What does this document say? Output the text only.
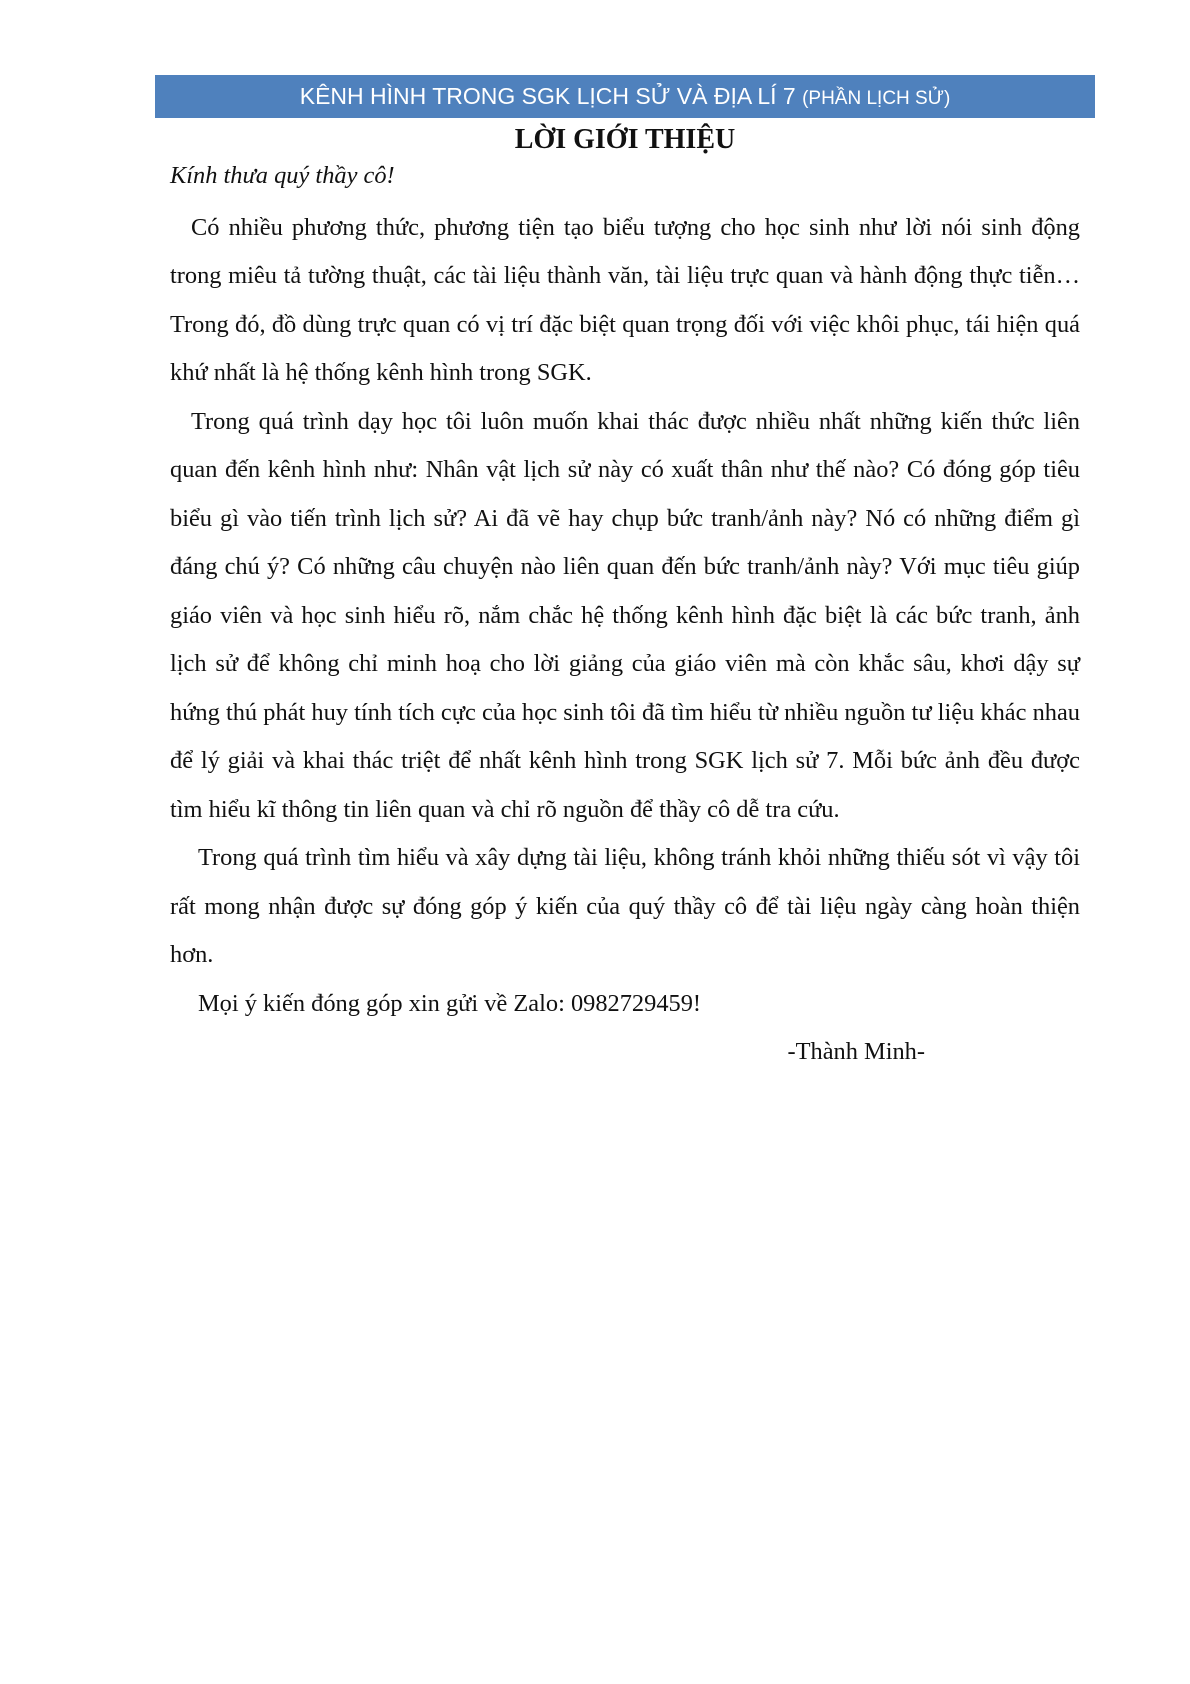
KÊNH HÌNH TRONG SGK LỊCH SỬ VÀ ĐỊA LÍ 7 (PHẦN LỊCH SỬ)
LỜI GIỚI THIỆU

Kính thưa quý thầy cô!

Có nhiều phương thức, phương tiện tạo biểu tượng cho học sinh như lời nói sinh động trong miêu tả tường thuật, các tài liệu thành văn, tài liệu trực quan và hành động thực tiễn…Trong đó, đồ dùng trực quan có vị trí đặc biệt quan trọng đối với việc khôi phục, tái hiện quá khứ nhất là hệ thống kênh hình trong SGK.

Trong quá trình dạy học tôi luôn muốn khai thác được nhiều nhất những kiến thức liên quan đến kênh hình như: Nhân vật lịch sử này có xuất thân như thế nào? Có đóng góp tiêu biểu gì vào tiến trình lịch sử? Ai đã vẽ hay chụp bức tranh/ảnh này? Nó có những điểm gì đáng chú ý? Có những câu chuyện nào liên quan đến bức tranh/ảnh này? Với mục tiêu giúp giáo viên và học sinh hiểu rõ, nắm chắc hệ thống kênh hình đặc biệt là các bức tranh, ảnh lịch sử để không chỉ minh hoạ cho lời giảng của giáo viên mà còn khắc sâu, khơi dậy sự hứng thú phát huy tính tích cực của học sinh tôi đã tìm hiểu từ nhiều nguồn tư liệu khác nhau để lý giải và khai thác triệt để nhất kênh hình trong SGK lịch sử 7. Mỗi bức ảnh đều được tìm hiểu kĩ thông tin liên quan và chỉ rõ nguồn để thầy cô dễ tra cứu.

Trong quá trình tìm hiểu và xây dựng tài liệu, không tránh khỏi những thiếu sót vì vậy tôi rất mong nhận được sự đóng góp ý kiến của quý thầy cô để tài liệu ngày càng hoàn thiện hơn.

Mọi ý kiến đóng góp xin gửi về Zalo: 0982729459!

-Thành Minh-
